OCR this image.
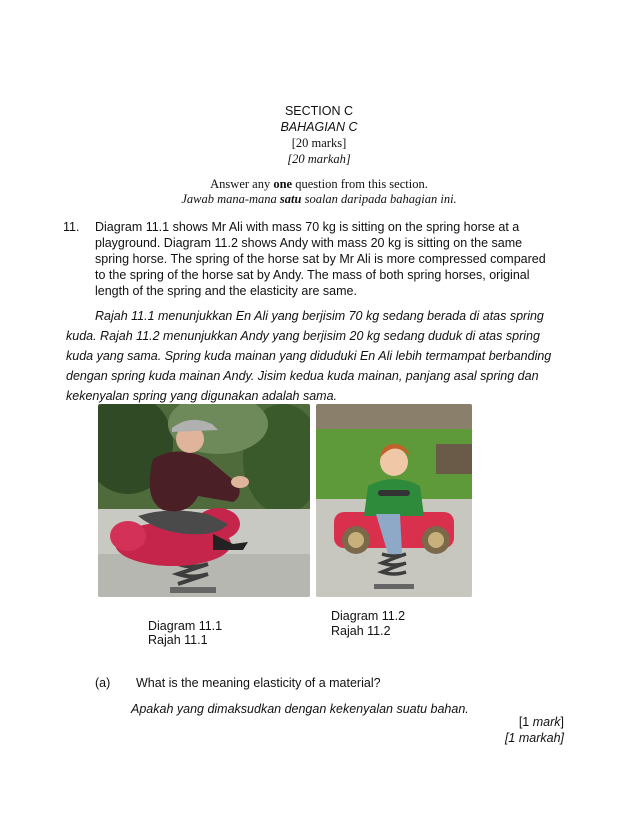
SECTION C
BAHAGIAN C
[20 marks]
[20 markah]
Answer any one question from this section.
Jawab mana-mana satu soalan daripada bahagian ini.
11. Diagram 11.1 shows Mr Ali with mass 70 kg is sitting on the spring horse at a
playground. Diagram 11.2 shows Andy with mass 20 kg is sitting on the same
spring horse. The spring of the horse sat by Mr Ali is more compressed compared
to the spring of the horse sat by Andy. The mass of both spring horses, original
length of the spring and the elasticity are same.
Rajah 11.1 menunjukkan En Ali yang berjisim 70 kg sedang berada di atas spring
kuda. Rajah 11.2 menunjukkan Andy yang berjisim 20 kg sedang duduk di atas spring
kuda yang sama. Spring kuda mainan yang diduduki En Ali lebih termampat berbanding
dengan spring kuda mainan Andy. Jisim kedua kuda mainan, panjang asal spring dan
kekenyalan spring yang digunakan adalah sama.
Diagram 11.1
Rajah 11.1
Diagram 11.2
Rajah 11.2
(a) What is the meaning elasticity of a material?
Apakah yang dimaksudkan dengan kekenyalan suatu bahan.
[1 mark]
[1 markah]
